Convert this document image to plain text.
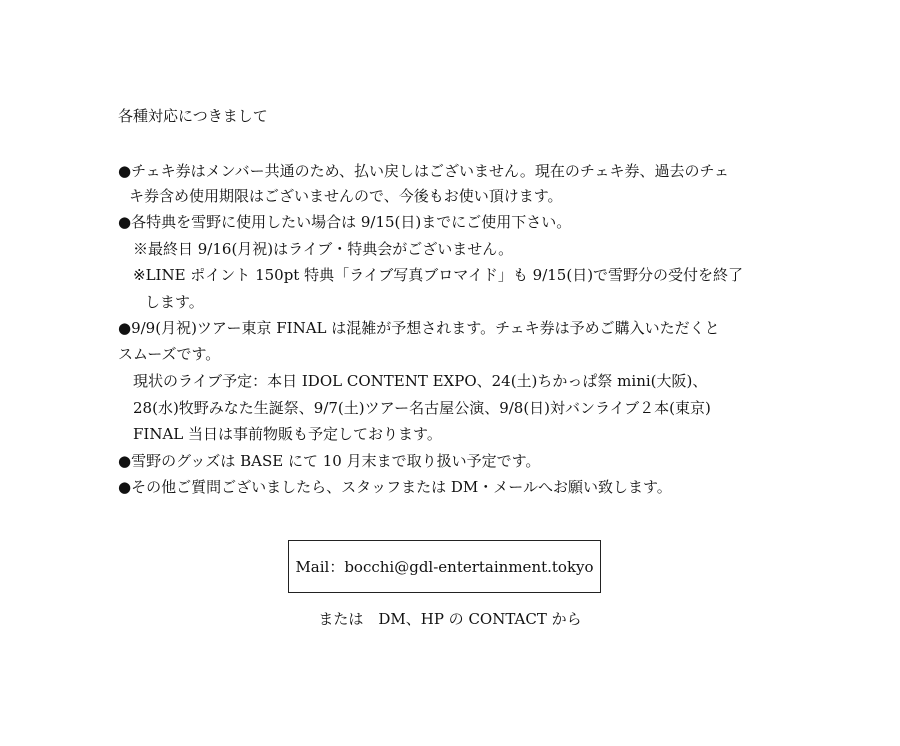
各種対応につきまして
●チェキ券はメンバー共通のため、払い戻しはございません。現在のチェキ券、過去のチェ
キ券含め使用期限はございませんので、今後もお使い頂けます。
●各特典を雪野に使用したい場合は 9/15(日)までにご使用下さい。
※最終日 9/16(月祝)はライブ・特典会がございません。
※LINE ポイント 150pt 特典「ライブ写真ブロマイド」も 9/15(日)で雪野分の受付を終了
します。
●9/9(月祝)ツアー東京 FINAL は混雑が予想されます。チェキ券は予めご購入いただくと
スムーズです。
現状のライブ予定：本日 IDOL CONTENT EXPO、24(土)ちかっぱ祭 mini(大阪)、
28(水)牧野みなた生誕祭、9/7(土)ツアー名古屋公演、9/8(日)対バンライブ２本(東京)
FINAL 当日は事前物販も予定しております。
●雪野のグッズは BASE にて 10 月末まで取り扱い予定です。
●その他ご質問ございましたら、スタッフまたは DM・メールへお願い致します。
Mail：bocchi@gdl-entertainment.tokyo
または　DM、HP の CONTACT から
